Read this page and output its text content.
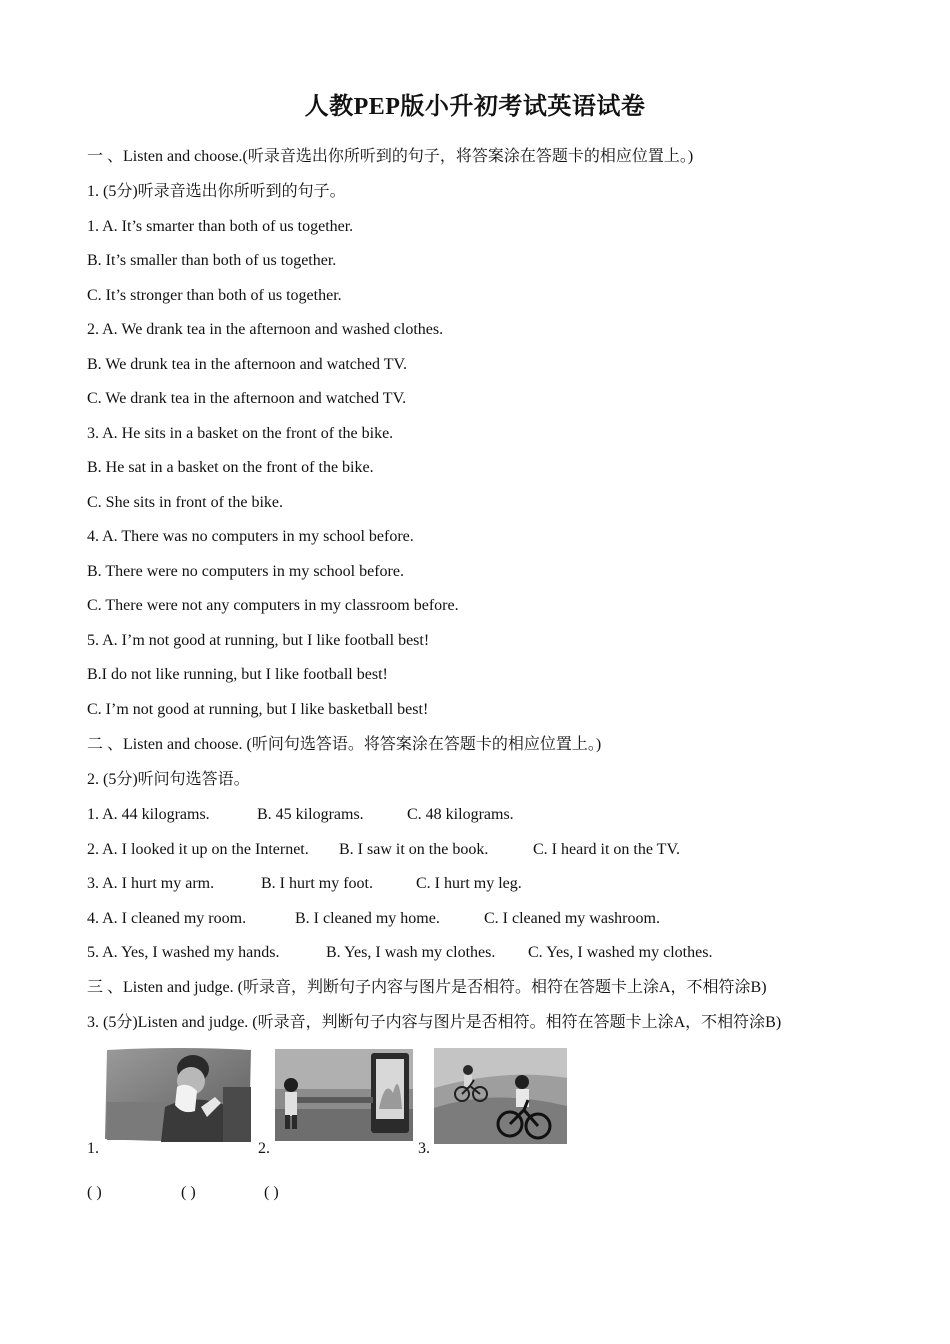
人教PEP版小升初考试英语试卷

一 、Listen and choose.(听录音选出你所听到的句子，将答案涂在答题卡的相应位置上。)

1. (5分)听录音选出你所听到的句子。

1. A. It’s smarter than both of us together.

B. It’s smaller than both of us together.

C. It’s stronger than both of us together.

2. A. We drank tea in the afternoon and washed clothes.

B. We drunk tea in the afternoon and watched TV.

C. We drank tea in the afternoon and watched TV.

3. A. He sits in a basket on the front of the bike.

B. He sat in a basket on the front of the bike.

C. She sits in front of the bike.

4. A. There was no computers in my school before.

B. There were no computers in my school before.

C. There were not any computers in my classroom before.

5. A. I’m not good at running, but I like football best!

B.I do not like running, but I like football best!

C. I’m not good at running, but I like basketball best!

二 、Listen and choose. (听问句选答语。将答案涂在答题卡的相应位置上。)

2. (5分)听问句选答语。

1. A. 44 kilograms.	B. 45 kilograms.	C. 48 kilograms.
2. A. I looked it up on the Internet. B. I saw it on the book.	C. I heard it on the TV.
3. A. I hurt my arm.	B. I hurt my foot.	C. I hurt my leg.
4. A. I cleaned my room.	B. I cleaned my home.	C. I cleaned my washroom.
5. A. Yes, I washed my hands.	B. Yes, I wash my clothes. C. Yes, I washed my clothes.

三 、Listen and judge. (听录音，判断句子内容与图片是否相符。相符在答题卡上涂A，不相符涂B)

3. (5分)Listen and judge. (听录音，判断句子内容与图片是否相符。相符在答题卡上涂A，不相符涂B)

1.	2.	3.
( )	( )	( )
